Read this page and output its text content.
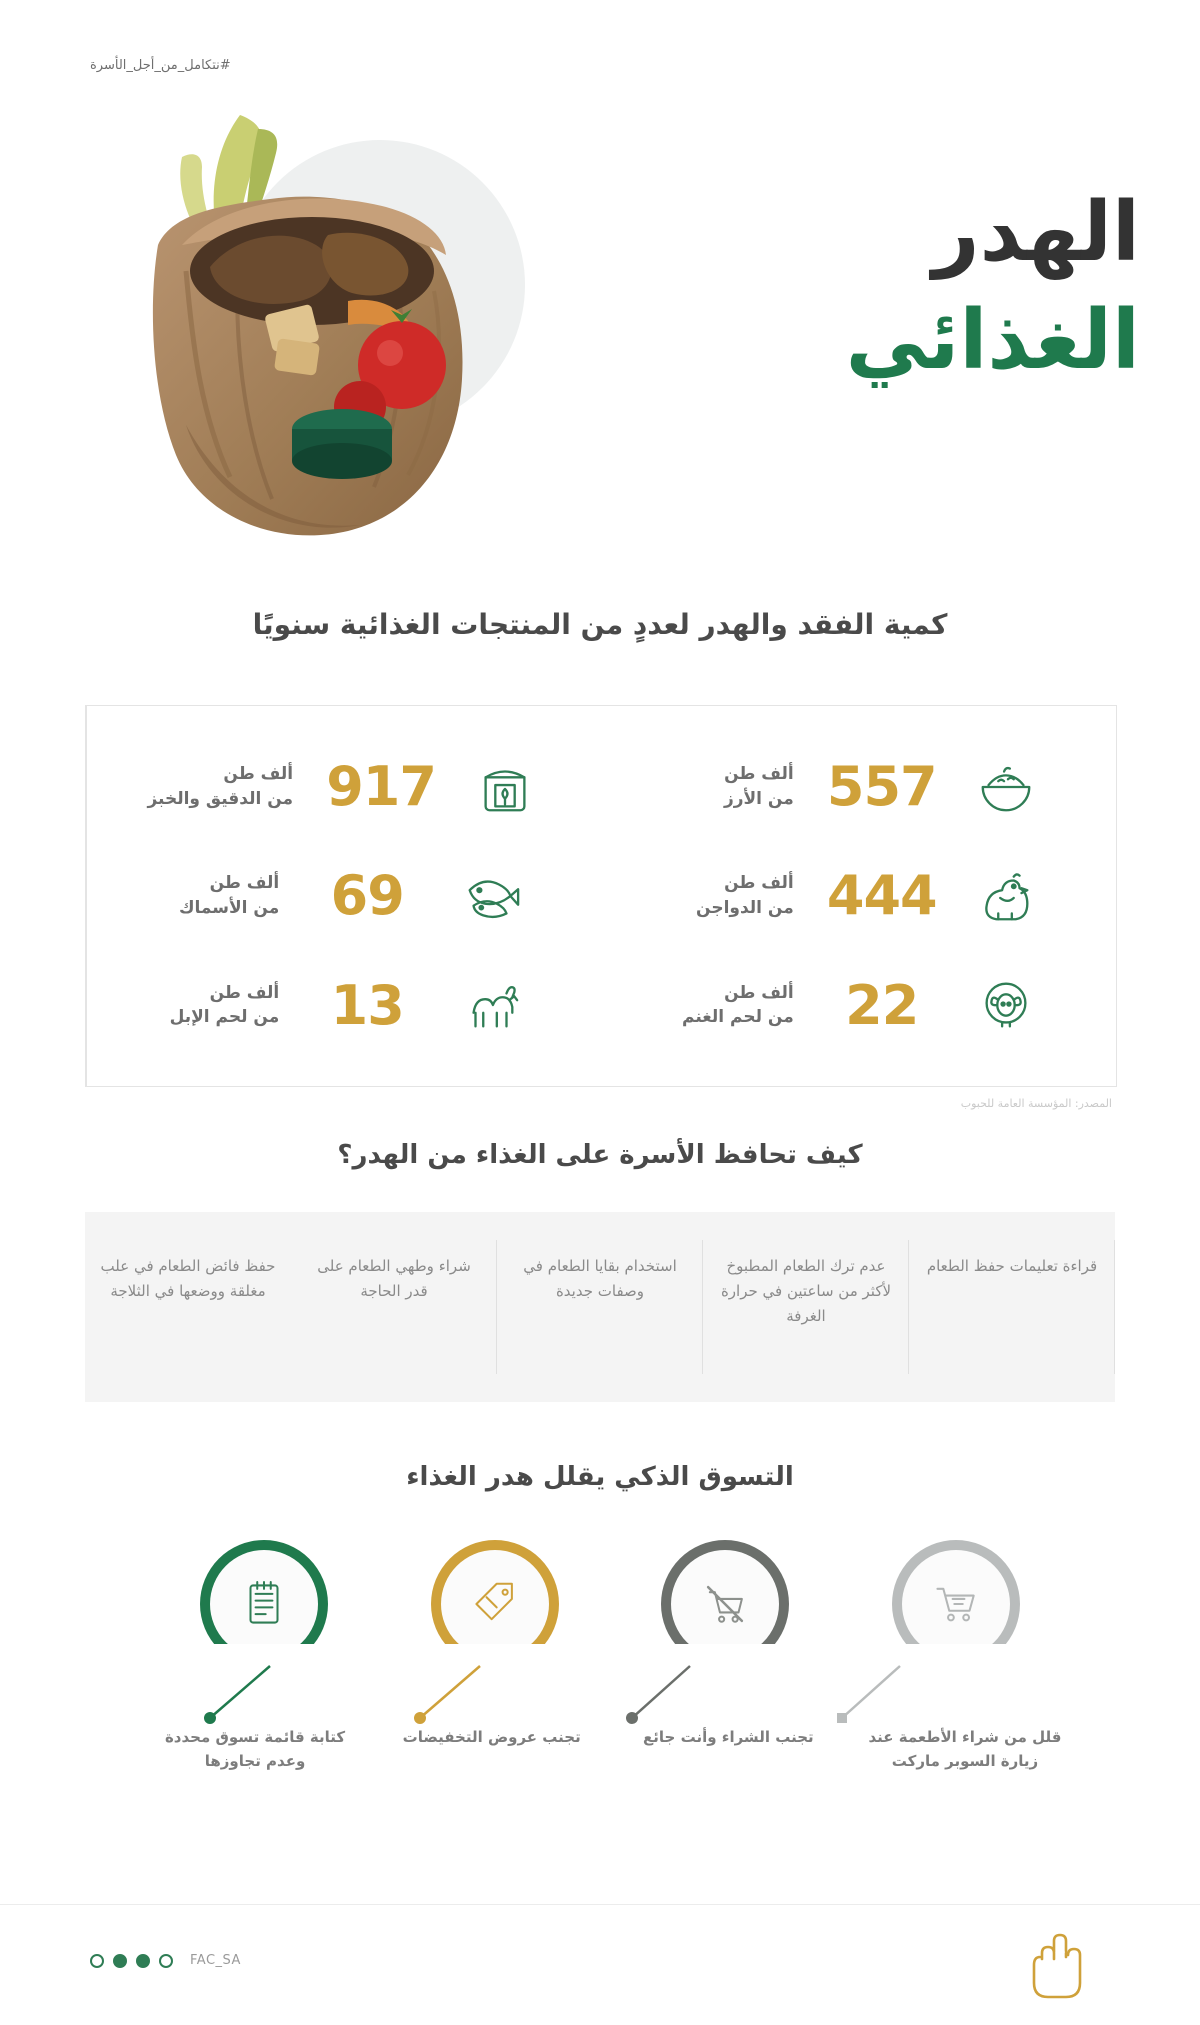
#نتكامل_من_أجل_الأسرة
الهدر
الغذائي
كمية الفقد والهدر لعددٍ من المنتجات الغذائية سنويًا
917
ألف طن
من الدقيق والخبز
69
ألف طن
من الأسماك
13
ألف طن
من لحم الإبل
557
ألف طن
من الأرز
444
ألف طن
من الدواجن
22
ألف طن
من لحم الغنم
المصدر: المؤسسة العامة للحبوب
كيف تحافظ الأسرة على الغذاء من الهدر؟
حفظ فائض الطعام في علب مغلقة ووضعها في الثلاجة
شراء وطهي الطعام على قدر الحاجة
استخدام بقايا الطعام في وصفات جديدة
عدم ترك الطعام المطبوخ لأكثر من ساعتين في حرارة الغرفة
قراءة تعليمات حفظ الطعام
التسوق الذكي يقلل هدر الغذاء
كتابة قائمة تسوق محددة وعدم تجاوزها
تجنب عروض التخفيضات	تجنب الشراء وأنت جائع	قلل من شراء الأطعمة عند زيارة السوبر ماركت
FAC_SA
